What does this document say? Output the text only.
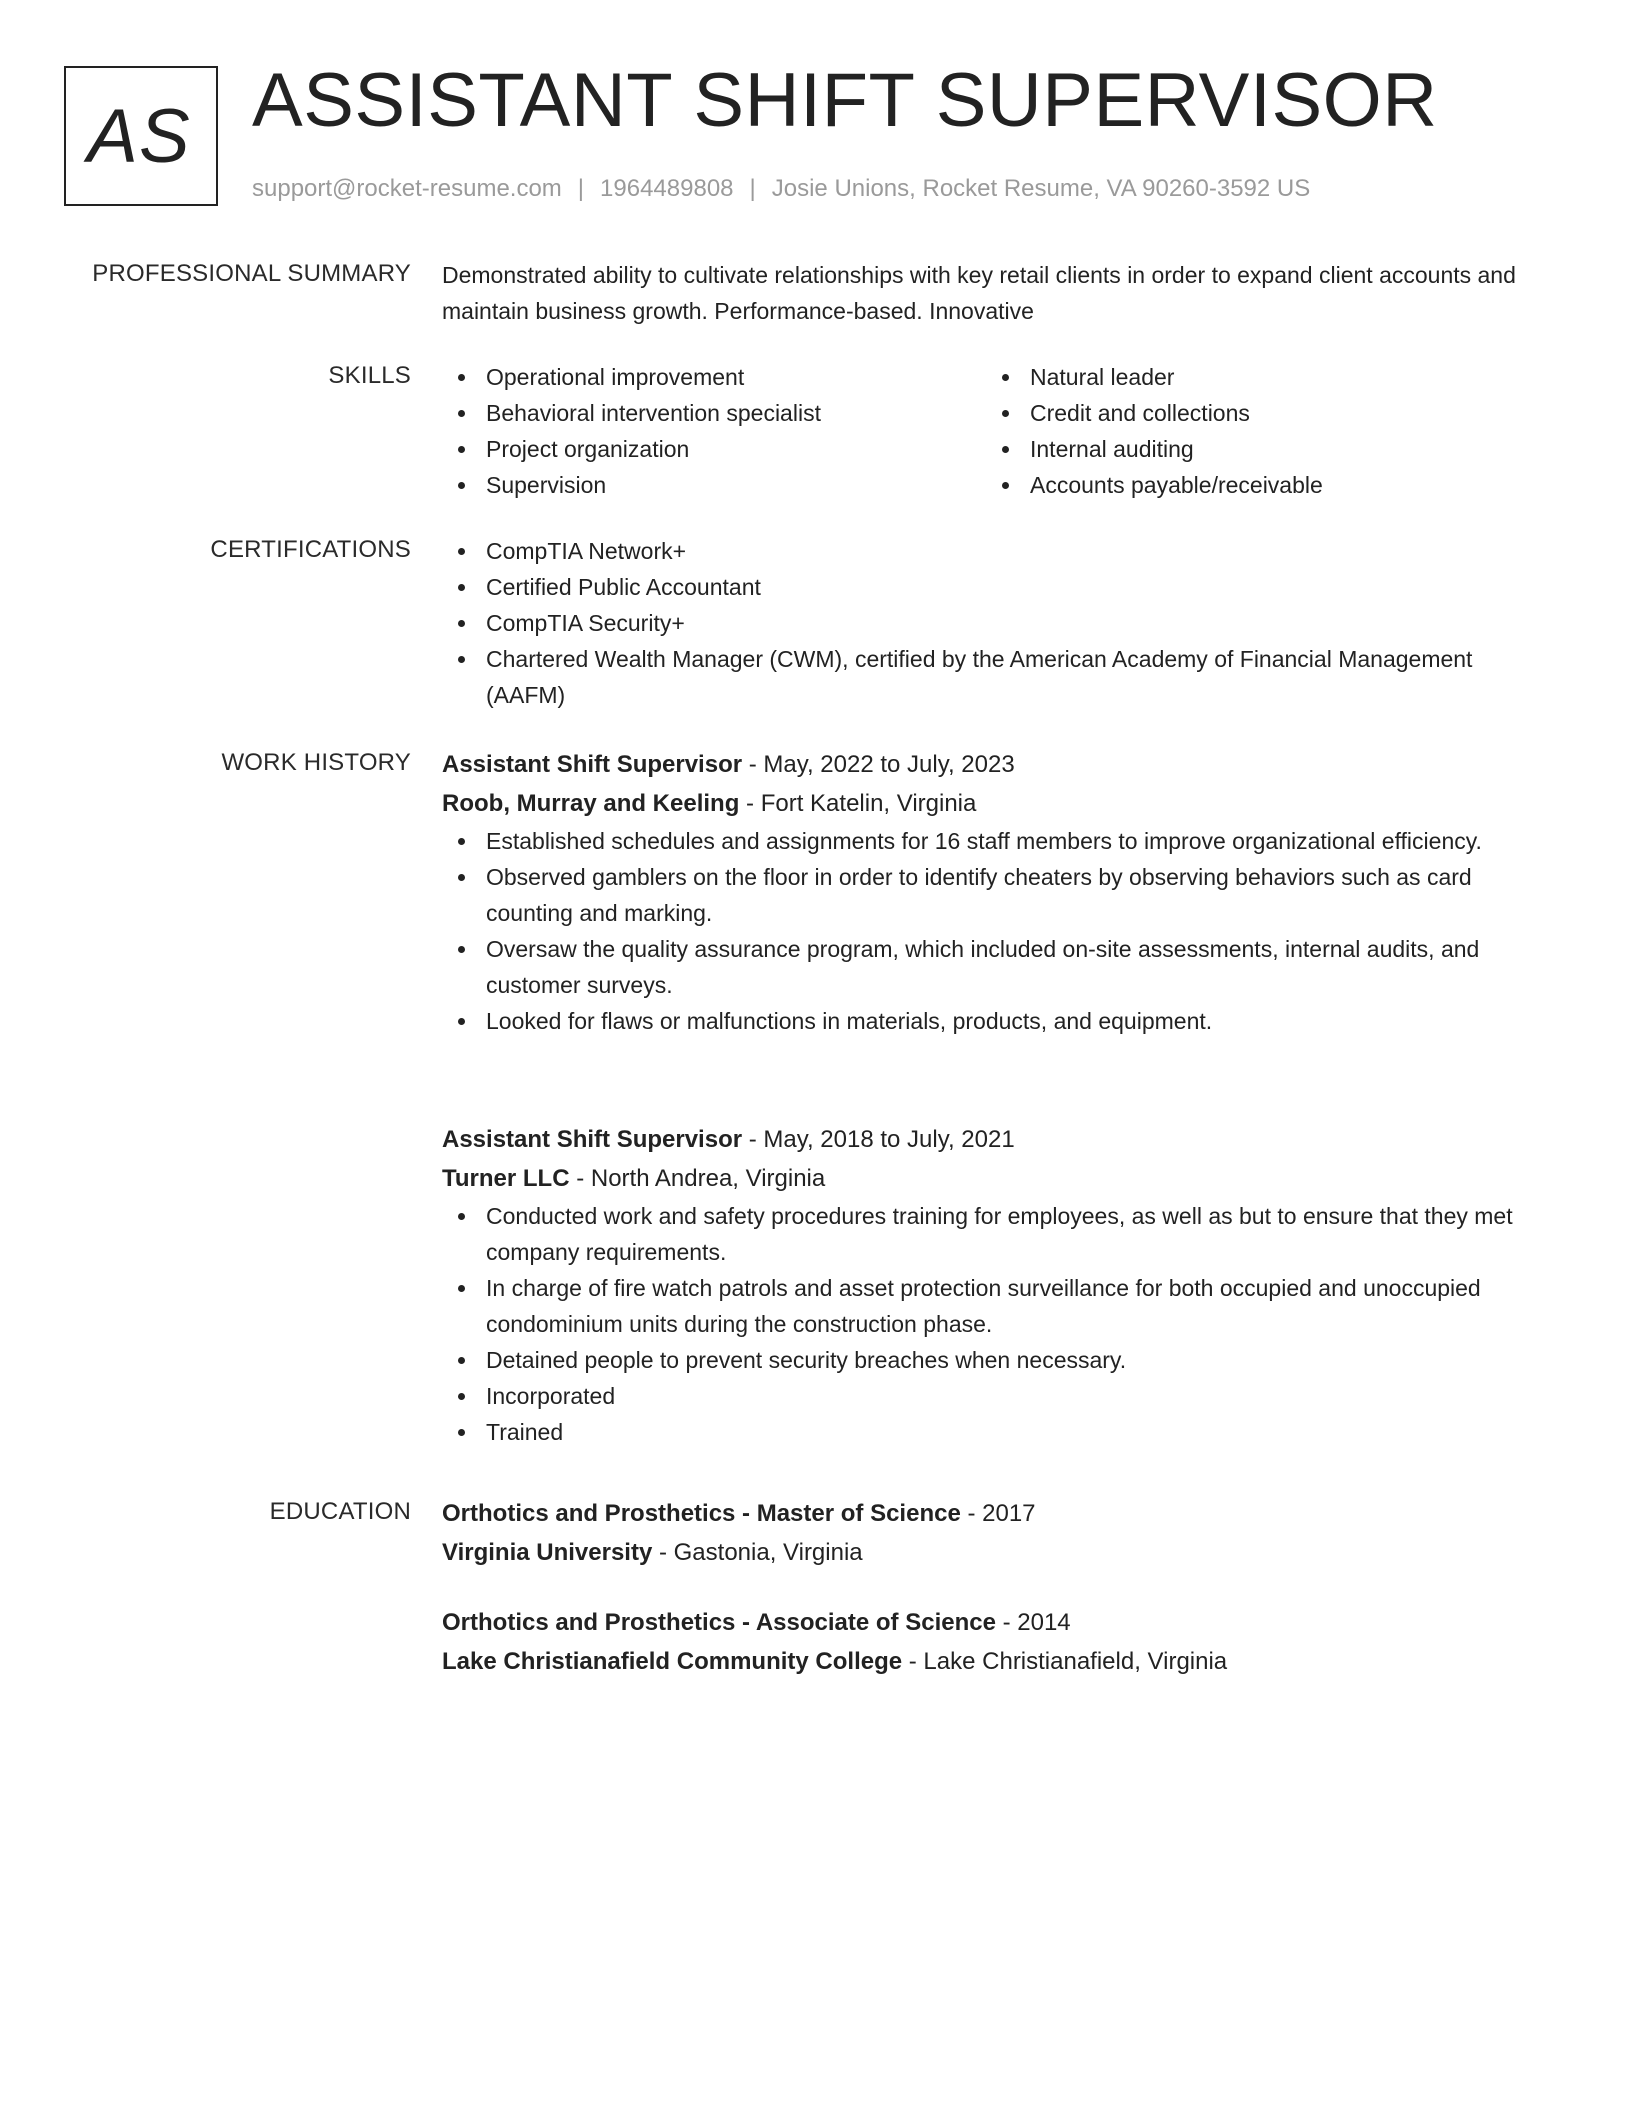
AS ASSISTANT SHIFT SUPERVISOR
support@rocket-resume.com | 1964489808 | Josie Unions, Rocket Resume, VA 90260-3592 US
PROFESSIONAL SUMMARY Demonstrated ability to cultivate relationships with key retail clients in order to expand client accounts and maintain business growth. Performance-based. Innovative

SKILLS	Operational improvement
Behavioral intervention specialist
Project organization
Supervision
Natural leader
Credit and collections
Internal auditing
Accounts payable/receivable
CERTIFICATIONS	CompTIA Network+
Certified Public Accountant
CompTIA Security+
Chartered Wealth Manager (CWM), certified by the American Academy of Financial Management (AAFM)
WORK HISTORY Assistant Shift Supervisor - May, 2022 to July, 2023
Roob, Murray and Keeling - Fort Katelin, Virginia
Established schedules and assignments for 16 staff members to improve organizational efficiency.
Observed gamblers on the floor in order to identify cheaters by observing behaviors such as card counting and marking.
Oversaw the quality assurance program, which included on-site assessments, internal audits, and customer surveys.
Looked for flaws or malfunctions in materials, products, and equipment.
Assistant Shift Supervisor - May, 2018 to July, 2021
Turner LLC - North Andrea, Virginia
Conducted work and safety procedures training for employees, as well as but to ensure that they met company requirements.
In charge of fire watch patrols and asset protection surveillance for both occupied and unoccupied condominium units during the construction phase.
Detained people to prevent security breaches when necessary.
Incorporated
Trained
EDUCATION Orthotics and Prosthetics - Master of Science - 2017
Virginia University - Gastonia, Virginia
Orthotics and Prosthetics - Associate of Science - 2014
Lake Christianafield Community College - Lake Christianafield, Virginia
